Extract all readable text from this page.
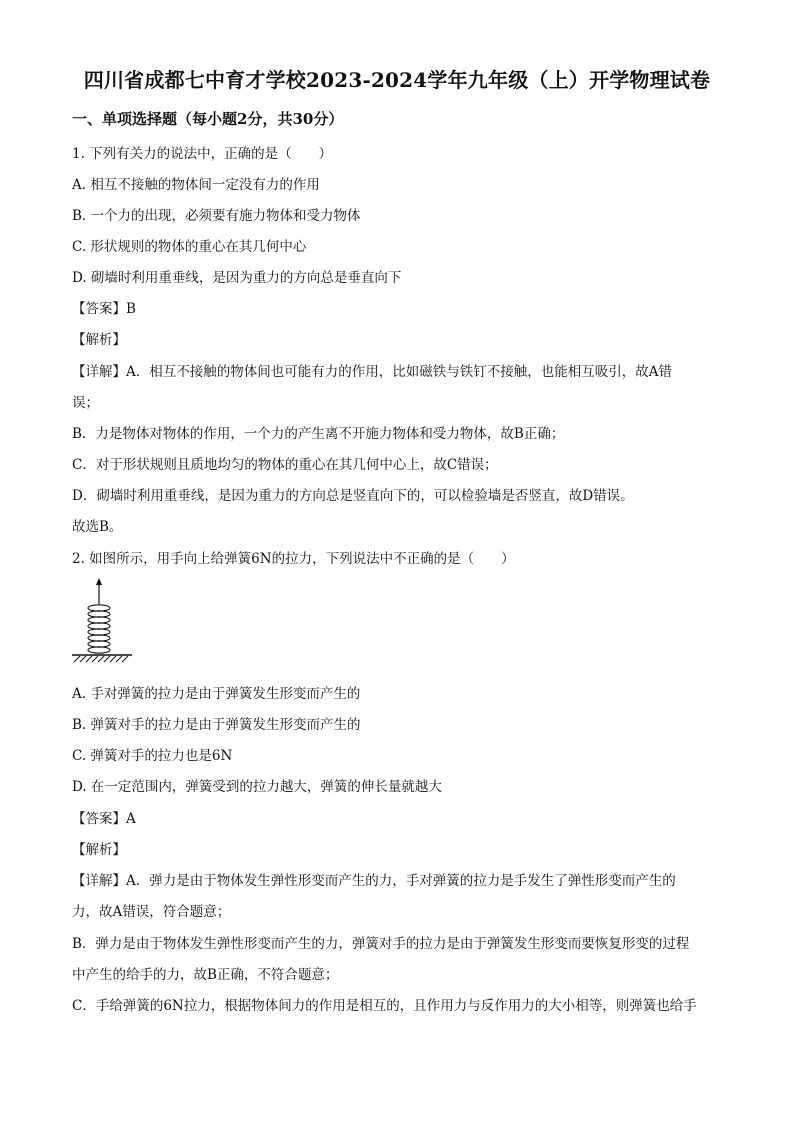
四川省成都七中育才学校2023-2024学年九年级（上）开学物理试卷
一、单项选择题（每小题2分，共30分）
1. 下列有关力的说法中，正确的是（　　）
A. 相互不接触的物体间一定没有力的作用
B. 一个力的出现，必须要有施力物体和受力物体
C. 形状规则的物体的重心在其几何中心
D. 砌墙时利用重垂线，是因为重力的方向总是垂直向下
【答案】B
【解析】
【详解】A．相互不接触的物体间也可能有力的作用，比如磁铁与铁钉不接触，也能相互吸引，故A错
误；
B．力是物体对物体的作用，一个力的产生离不开施力物体和受力物体，故B正确；
C．对于形状规则且质地均匀的物体的重心在其几何中心上，故C错误；
D．砌墙时利用重垂线，是因为重力的方向总是竖直向下的，可以检验墙是否竖直，故D错误。
故选B。
2. 如图所示，用手向上给弹簧6N的拉力，下列说法中不正确的是（　　）
A. 手对弹簧的拉力是由于弹簧发生形变而产生的
B. 弹簧对手的拉力是由于弹簧发生形变而产生的
C. 弹簧对手的拉力也是6N
D. 在一定范围内，弹簧受到的拉力越大，弹簧的伸长量就越大
【答案】A
【解析】
【详解】A．弹力是由于物体发生弹性形变而产生的力，手对弹簧的拉力是手发生了弹性形变而产生的
力，故A错误，符合题意；
B．弹力是由于物体发生弹性形变而产生的力，弹簧对手的拉力是由于弹簧发生形变而要恢复形变的过程
中产生的给手的力，故B正确，不符合题意；
C．手给弹簧的6N拉力，根据物体间力的作用是相互的，且作用力与反作用力的大小相等，则弹簧也给手
